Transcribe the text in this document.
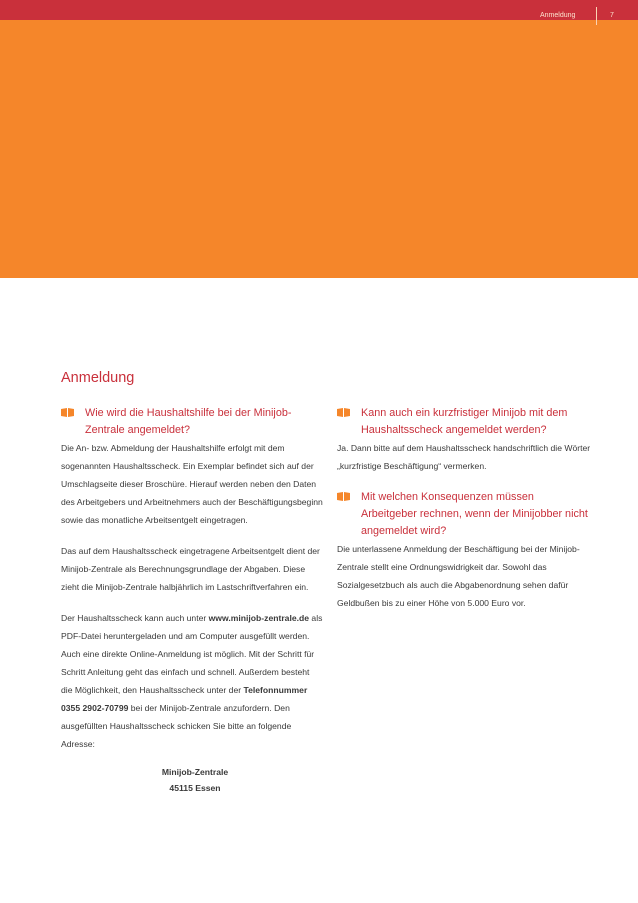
Anmeldung	7
Anmeldung

Wie wird die Haushaltshilfe bei der Minijob-Zentrale angemeldet?

Die An- bzw. Abmeldung der Haushaltshilfe erfolgt mit dem sogenannten Haushaltsscheck. Ein Exemplar befindet sich auf der Umschlagseite dieser Broschüre. Hierauf werden neben den Daten des Arbeitgebers und Arbeitnehmers auch der Beschäftigungsbeginn sowie das monatliche Arbeitsentgelt eingetragen.

Das auf dem Haushaltsscheck eingetragene Arbeitsentgelt dient der Minijob-Zentrale als Berechnungsgrundlage der Abgaben. Diese zieht die Minijob-Zentrale halbjährlich im Lastschriftverfahren ein.

Der Haushaltsscheck kann auch unter www.minijob-zentrale.de als PDF-Datei heruntergeladen und am Computer ausgefüllt werden. Auch eine direkte Online-Anmeldung ist möglich. Mit der Schritt für Schritt Anleitung geht das einfach und schnell. Außerdem besteht die Möglichkeit, den Haushaltsscheck unter der Telefonnummer 0355 2902-70799 bei der Minijob-Zentrale anzufordern. Den ausgefüllten Haushaltsscheck schicken Sie bitte an folgende Adresse:

Minijob-Zentrale
45115 Essen

Kann auch ein kurzfristiger Minijob mit dem Haushaltsscheck angemeldet werden?

Ja. Dann bitte auf dem Haushaltsscheck handschriftlich die Wörter „kurzfristige Beschäftigung“ vermerken.

Mit welchen Konsequenzen müssen Arbeitgeber rechnen, wenn der Minijobber nicht angemeldet wird?

Die unterlassene Anmeldung der Beschäftigung bei der Minijob-Zentrale stellt eine Ordnungswidrigkeit dar. Sowohl das Sozialgesetzbuch als auch die Abgabenordnung sehen dafür Geldbußen bis zu einer Höhe von 5.000 Euro vor.
